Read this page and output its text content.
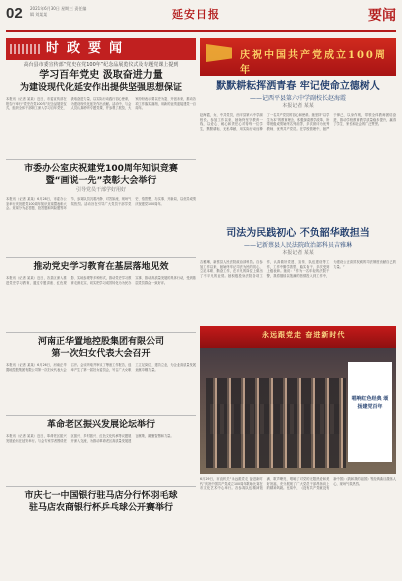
02 2021年6月30日 星期三 责任编辑 刘某某	延安日报	要闻
时政要闻
高台县市委宣传部“党史在党100年”纪念品展览仪式及专题党课上提到
学习百年党史 汲取奋进力量
为建设现代化延安作出提供坚强思想保证
本报讯（记者 某某）近日，市委宣传部在报告厅举行“党史在党100年”纪念品展览仪式，组织全体干部职工深入学习百年党史，汲取奋进力量，以实际行动践行初心使命，为建设现代化延安作出贡献。活动中，与会人员认真聆听专题党课，并参观了展览，大家纷纷表示要以史为鉴、开创未来，推动各项工作落实落细，用新的业绩迎接建党一百周年。
市委办公室庆祝建党100周年知识竞赛
暨“画说一先”表彰大会举行
引导党员干部学好用好
本报讯（记者 某某）6月28日，市委办公室举行庆祝建党100周年知识竞赛暨表彰大会。竞赛分为必答题、抢答题和风险题等环节，参赛队员沉着冷静、对答如流，现场气氛热烈。活动旨在引导广大党员干部学党史、悟思想、办实事、开新局，以优异成绩庆祝建党100周年。
推动党史学习教育在基层落地见效
本报讯（记者 某某）近日，各县区深入推进党史学习教育，通过专题讲座、红色观影、实地参观等多种形式，推动党史学习教育走深走实，切实把学习成效转化为为民办实事、推动高质量发展的具体行动，受到基层党员群众一致好评。
河南正华置地控股集团有限公司
第一次妇女代表大会召开
本报讯（记者 某某）6月26日，河南正华置地控股集团有限公司第一次妇女代表大会召开。会议听取并审议了筹备工作报告，选举产生了第一届妇女委员会，号召广大女职工立足岗位、建功立业，为企业高质量发展贡献巾帼力量。
革命老区振兴发展论坛举行
本报讯（记者 某某）近日，革命老区振兴发展论坛在延安举行。与会专家学者围绕老区振兴、乡村振兴、红色文化传承等议题展开深入交流，为推动革命老区高质量发展建言献策，凝聚智慧和力量。
市庆七一中国银行驻马店分行怀羽毛球
驻马店农商银行杯乒乓球公开赛举行
庆祝中国共产党成立100周年
默默耕耘挥洒青春 牢记使命立德树人
——记西平县第六中学副校长赵海霞
本报记者 某某
赵海霞，女，中共党员，西平县第六中学副校长。参加工作以来，她始终坚守教育一线，以爱心、耐心和责任心对待每一位学生，默默耕耘、无私奉献，用实际行动诠释了一名共产党员的初心和使命。她坚持“以学生为本”的教育理念，积极探索教学改革，所带班级成绩始终名列前茅，多次被评为优秀教师、优秀共产党员。在学校管理中，她严于律己、以身作则，带领全体教师团结奋进，推动学校教育教学质量稳步提升，赢得了学生、家长和社会的广泛赞誉。
司法为民践初心 不负韶华敢担当
——记新蔡县人民法院政治部科员吉雅琳
本报记者 某某
吉雅琳，新蔡县人民法院政治部科员。自参加工作以来，她始终牢记司法为民的初心，立足本职、勤奋工作，在平凡的岗位上做出了不平凡的业绩。她积极投身法院各项工作，认真做好党建、宣传、队伍建设等工作，工作中勤学善思、踏实肯干，多次受到上级表彰。她说：“作为一名年轻的法院干警，我将继续以饱满的热情投入到工作中，为建设公正高效权威的司法制度贡献自己的力量。”
永远跟党走 奋进新时代
唱响红色经典 颂扬建党百年
6月29日，市直机关“永远跟党走 奋进新时代”庆祝中国共产党成立100周年歌咏比赛在市文化艺术中心举行。各参赛队伍精神饱满、歌声嘹亮，唱响了对党的无限热爱和美好祝福，充分展现了广大党员干部昂扬向上的精神风貌。比赛中，《没有共产党就没有新中国》《我和我的祖国》等经典曲目激荡人心，现场气氛热烈。
